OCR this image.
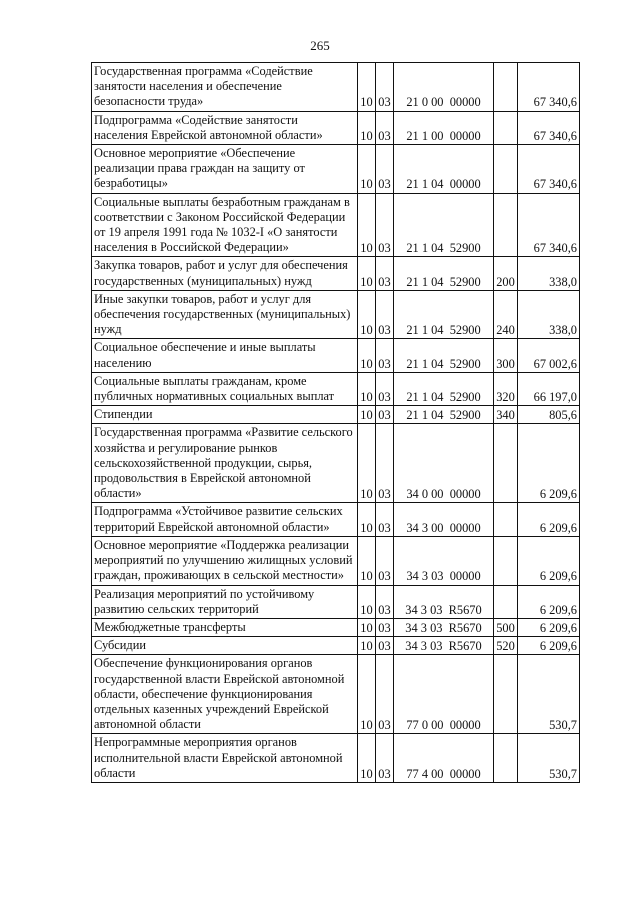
265
Государственная программа «Содействие занятости населения и обеспечение безопасности труда»	10	03	21 0 00  00000		67 340,6
Подпрограмма «Содействие занятости населения Еврейской автономной области»	10	03	21 1 00  00000		67 340,6
Основное мероприятие «Обеспечение реализации права граждан на защиту от безработицы»	10	03	21 1 04  00000		67 340,6
Социальные выплаты безработным гражданам в соответствии с Законом Российской Федерации от 19 апреля 1991 года № 1032-I «О занятости населения в Российской Федерации»	10	03	21 1 04  52900		67 340,6
Закупка товаров, работ и услуг для обеспечения государственных (муниципальных) нужд	10	03	21 1 04  52900	200	338,0
Иные закупки товаров, работ и услуг для обеспечения государственных (муниципальных) нужд	10	03	21 1 04  52900	240	338,0
Социальное обеспечение и иные выплаты населению	10	03	21 1 04  52900	300	67 002,6
Социальные выплаты гражданам, кроме публичных нормативных социальных выплат	10	03	21 1 04  52900	320	66 197,0
Стипендии	10	03	21 1 04  52900	340	805,6
Государственная программа «Развитие сельского хозяйства и регулирование рынков сельскохозяйственной продукции, сырья, продовольствия в Еврейской автономной области»	10	03	34 0 00  00000		6 209,6
Подпрограмма «Устойчивое развитие сельских территорий Еврейской автономной области»	10	03	34 3 00  00000		6 209,6
Основное мероприятие «Поддержка реализации мероприятий по улучшению жилищных условий граждан, проживающих в сельской местности»	10	03	34 3 03  00000		6 209,6
Реализация мероприятий по устойчивому развитию сельских территорий	10	03	34 3 03  R5670		6 209,6
Межбюджетные трансферты	10	03	34 3 03  R5670	500	6 209,6
Субсидии	10	03	34 3 03  R5670	520	6 209,6
Обеспечение функционирования органов государственной власти Еврейской автономной области, обеспечение функционирования отдельных казенных учреждений Еврейской автономной области	10	03	77 0 00  00000		530,7
Непрограммные мероприятия органов исполнительной власти Еврейской автономной области	10	03	77 4 00  00000		530,7
